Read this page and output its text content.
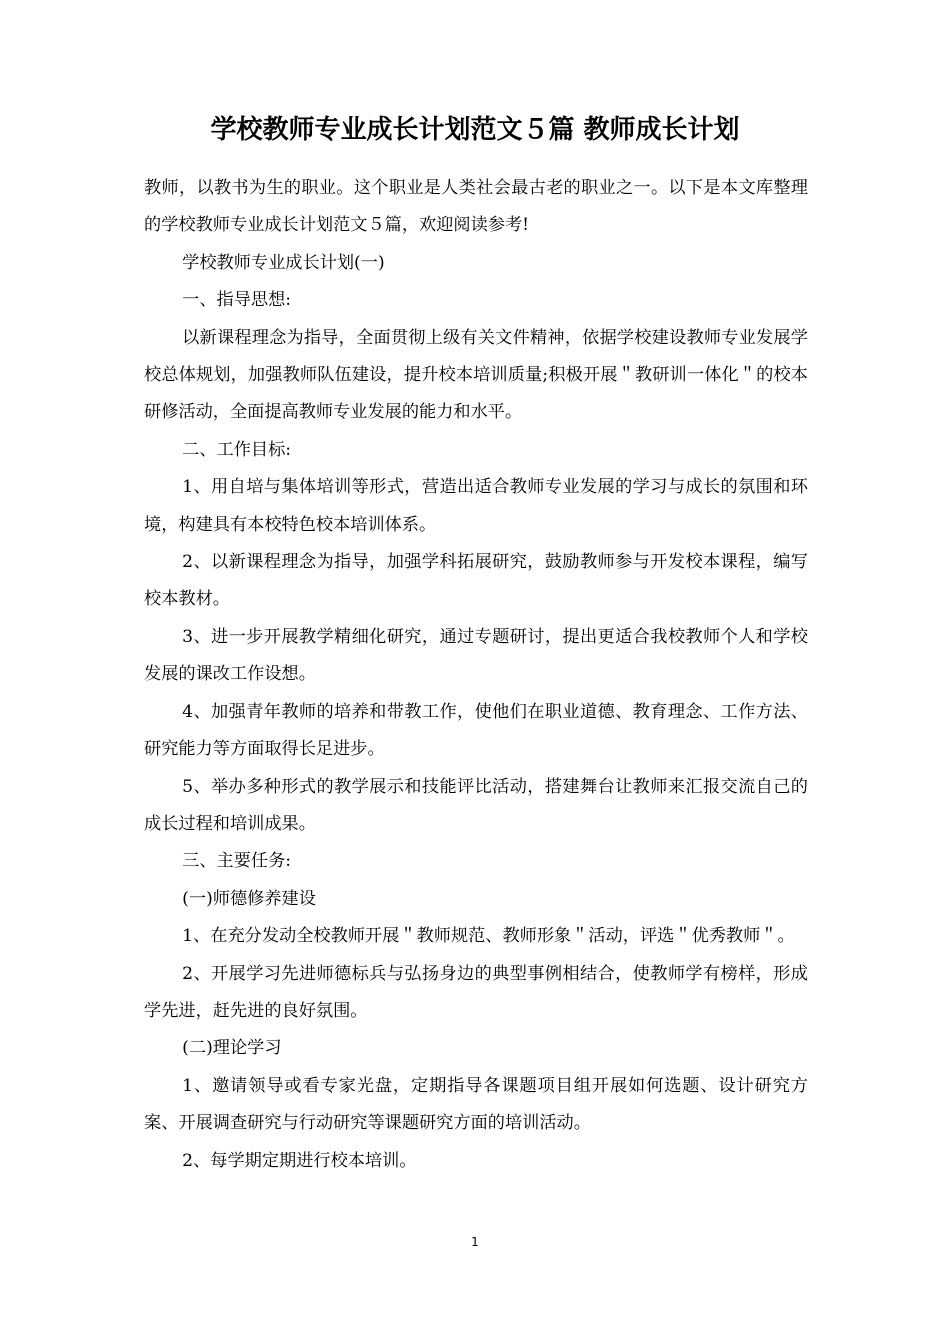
学校教师专业成长计划范文５篇 教师成长计划

教师，以教书为生的职业。这个职业是人类社会最古老的职业之一。以下是本文库整理的学校教师专业成长计划范文５篇，欢迎阅读参考!

学校教师专业成长计划(一)

一、指导思想:

以新课程理念为指导，全面贯彻上级有关文件精神，依据学校建设教师专业发展学校总体规划，加强教师队伍建设，提升校本培训质量;积极开展＂教研训一体化＂的校本研修活动，全面提高教师专业发展的能力和水平。

二、工作目标:

1、用自培与集体培训等形式，营造出适合教师专业发展的学习与成长的氛围和环境，构建具有本校特色校本培训体系。

2、以新课程理念为指导，加强学科拓展研究，鼓励教师参与开发校本课程，编写校本教材。

3、进一步开展教学精细化研究，通过专题研讨，提出更适合我校教师个人和学校发展的课改工作设想。

4、加强青年教师的培养和带教工作，使他们在职业道德、教育理念、工作方法、研究能力等方面取得长足进步。

5、举办多种形式的教学展示和技能评比活动，搭建舞台让教师来汇报交流自己的成长过程和培训成果。

三、主要任务:

(一)师德修养建设

1、在充分发动全校教师开展＂教师规范、教师形象＂活动，评选＂优秀教师＂。

2、开展学习先进师德标兵与弘扬身边的典型事例相结合，使教师学有榜样，形成学先进，赶先进的良好氛围。

(二)理论学习

1、邀请领导或看专家光盘，定期指导各课题项目组开展如何选题、设计研究方案、开展调查研究与行动研究等课题研究方面的培训活动。

2、每学期定期进行校本培训。

1
